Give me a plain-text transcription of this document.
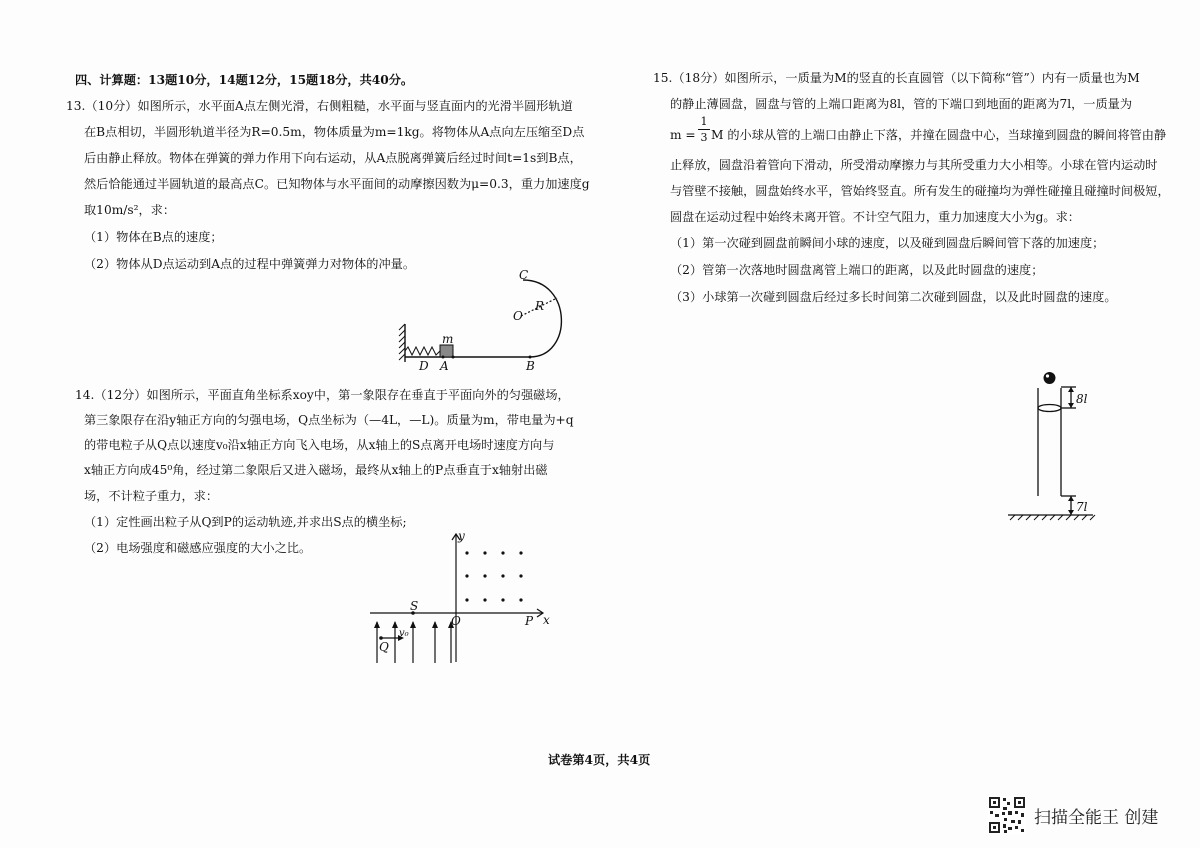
四、计算题：13题10分，14题12分，15题18分，共40分。
13.（10分）如图所示，水平面A点左侧光滑，右侧粗糙，水平面与竖直面内的光滑半圆形轨道
在B点相切，半圆形轨道半径为R=0.5m，物体质量为m=1kg。将物体从A点向左压缩至D点
后由静止释放。物体在弹簧的弹力作用下向右运动，从A点脱离弹簧后经过时间t=1s到B点，
然后恰能通过半圆轨道的最高点C。已知物体与水平面间的动摩擦因数为μ=0.3，重力加速度g
取10m/s²，求：
（1）物体在B点的速度；
（2）物体从D点运动到A点的过程中弹簧弹力对物体的冲量。
C
R
O
m
D A	B
14.（12分）如图所示，平面直角坐标系xoy中，第一象限存在垂直于平面向外的匀强磁场，
第三象限存在沿y轴正方向的匀强电场，Q点坐标为（—4L，—L)。质量为m，带电量为+q
的带电粒子从Q点以速度v₀沿x轴正方向飞入电场，从x轴上的S点离开电场时速度方向与
x轴正方向成45⁰角，经过第二象限后又进入磁场，最终从x轴上的P点垂直于x轴射出磁
场，不计粒子重力，求：
（1）定性画出粒子从Q到P的运动轨迹,并求出S点的横坐标;
（2）电场强度和磁感应强度的大小之比。
y
x
S
O	P
Q
v₀
15.（18分）如图所示，一质量为M的竖直的长直圆管（以下简称“管”）内有一质量也为M
的静止薄圆盘，圆盘与管的上端口距离为8l，管的下端口到地面的距离为7l，一质量为
m =
1
3 M 的小球从管的上端口由静止下落，并撞在圆盘中心，当球撞到圆盘的瞬间将管由静
止释放，圆盘沿着管向下滑动，所受滑动摩擦力与其所受重力大小相等。小球在管内运动时
与管壁不接触，圆盘始终水平，管始终竖直。所有发生的碰撞均为弹性碰撞且碰撞时间极短，
圆盘在运动过程中始终未离开管。不计空气阻力，重力加速度大小为g。求：
（1）第一次碰到圆盘前瞬间小球的速度，以及碰到圆盘后瞬间管下落的加速度；
（2）管第一次落地时圆盘离管上端口的距离，以及此时圆盘的速度；
（3）小球第一次碰到圆盘后经过多长时间第二次碰到圆盘，以及此时圆盘的速度。
8l
7l
试卷第4页，共4页
扫描全能王 创建
